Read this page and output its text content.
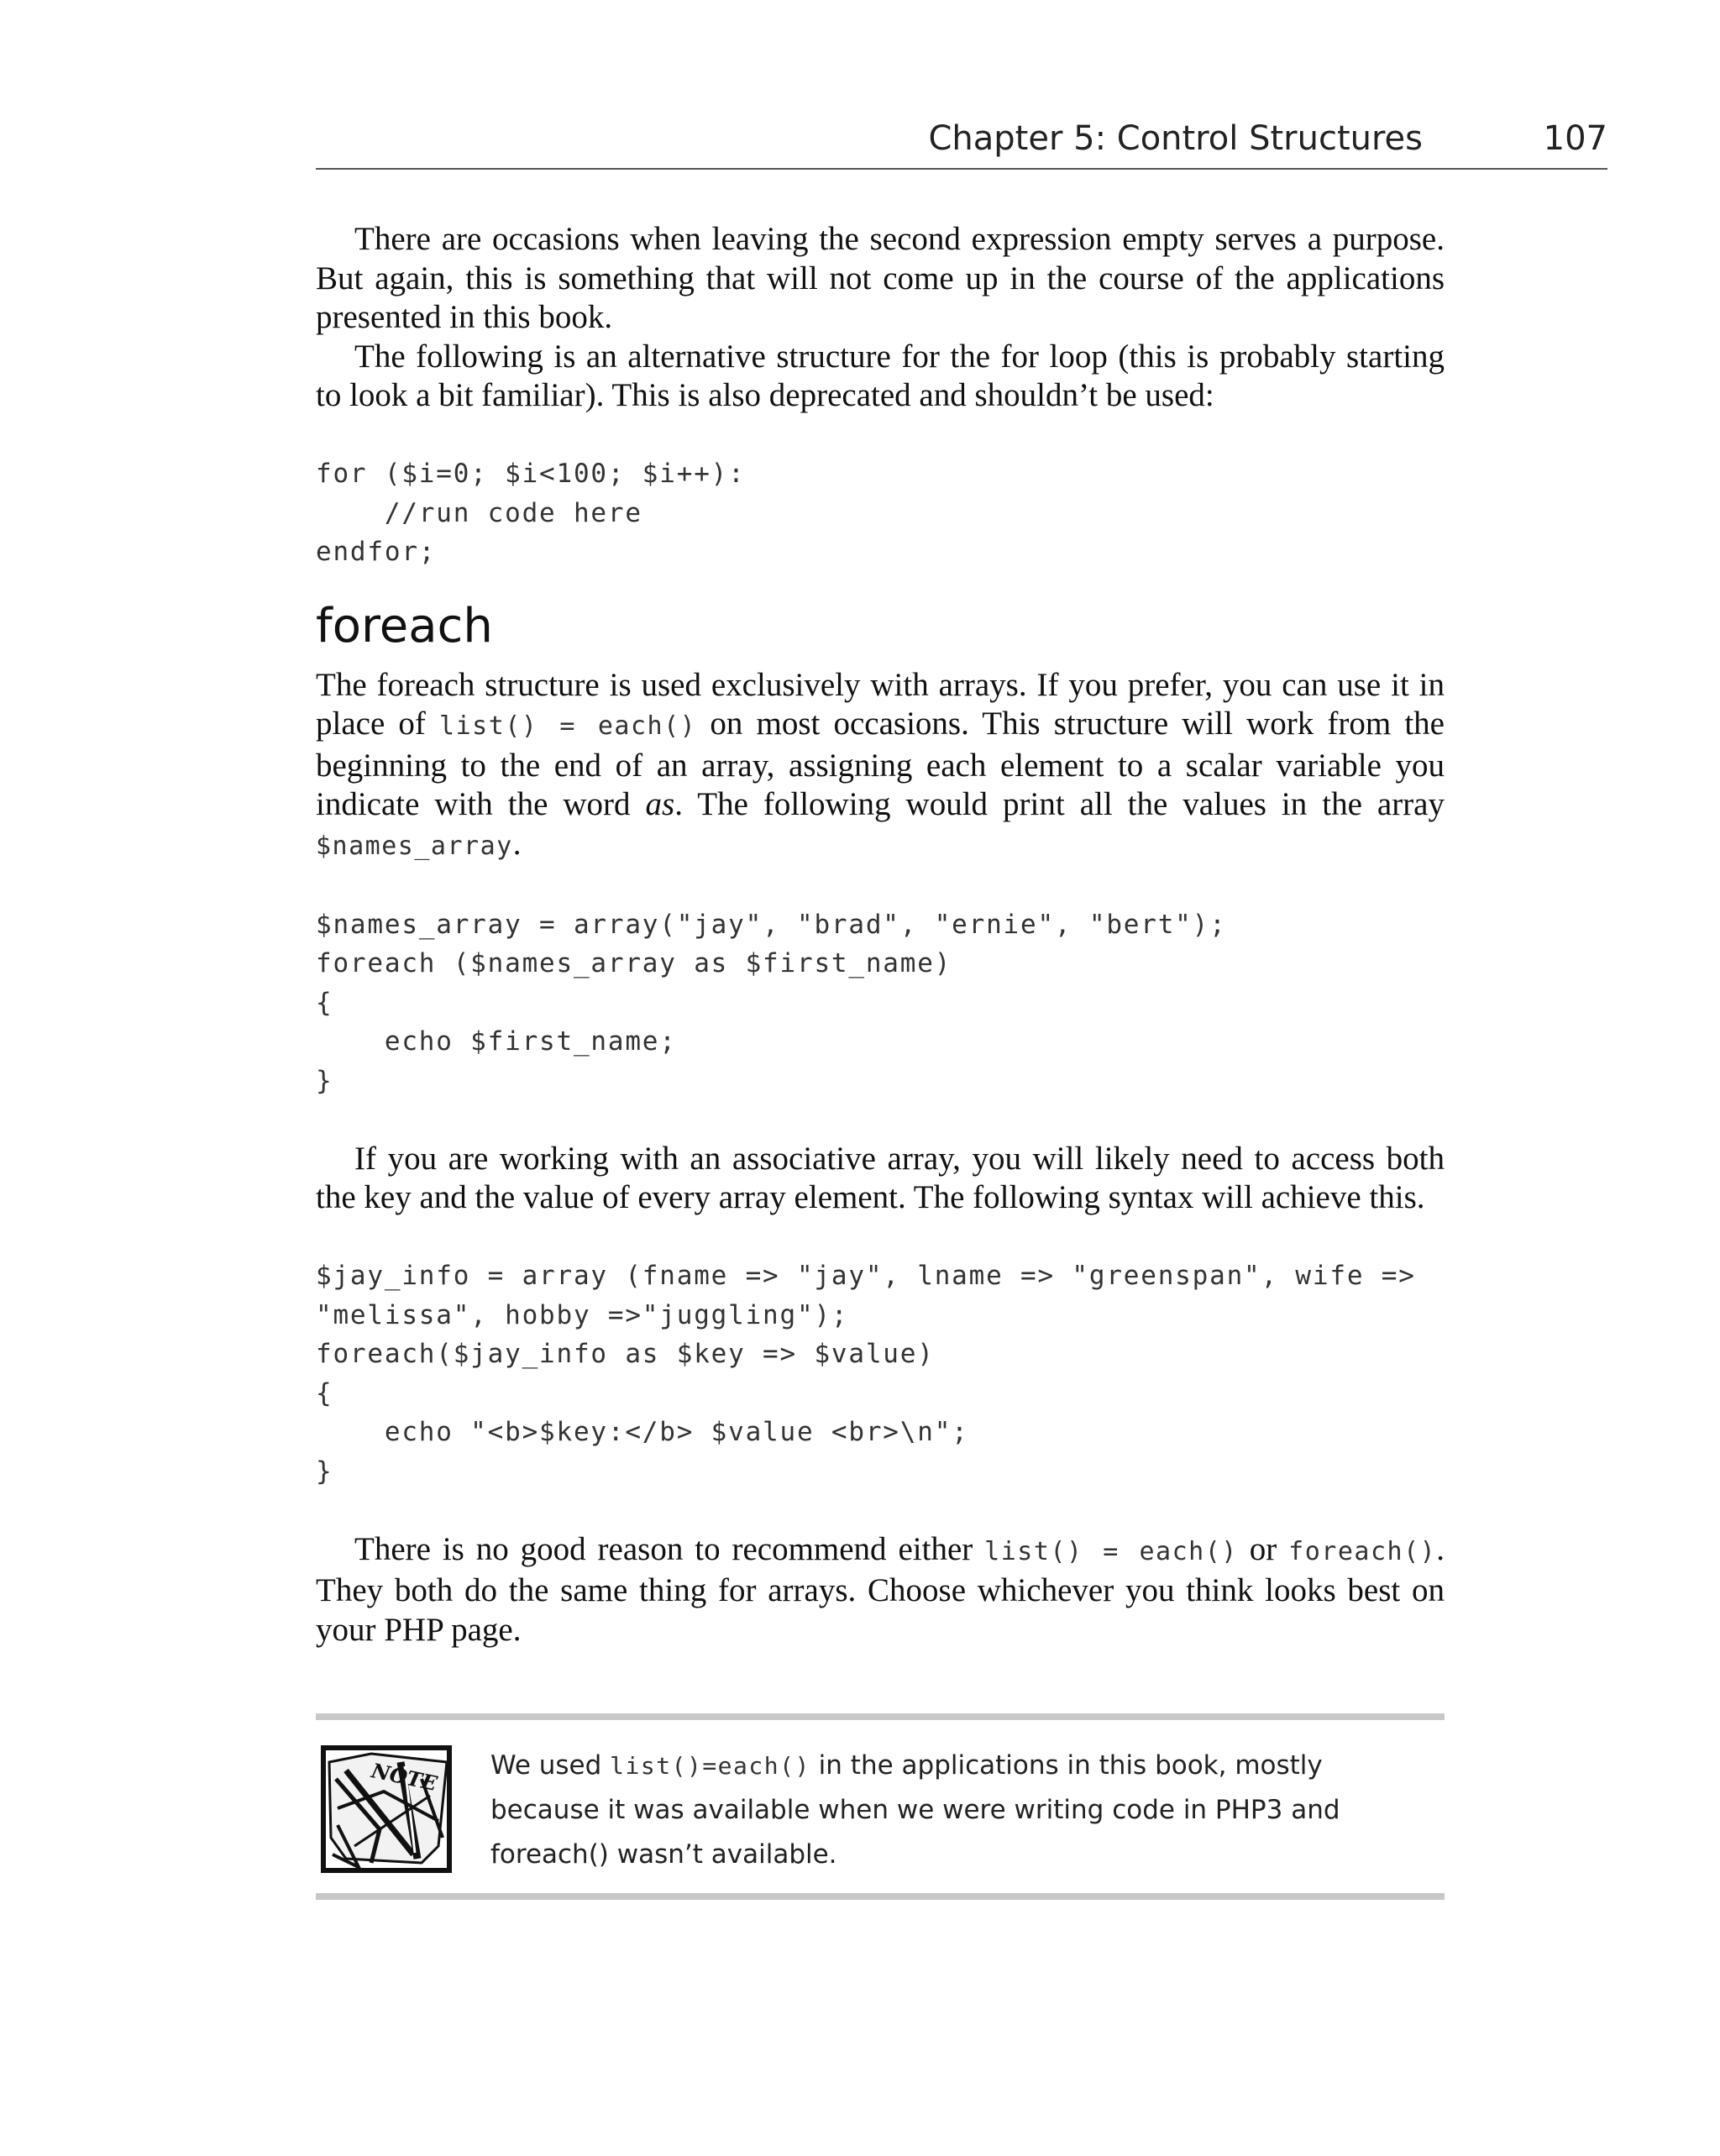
Chapter 5: Control Structures	107

There are occasions when leaving the second expression empty serves a purpose. But again, this is something that will not come up in the course of the applications presented in this book.

The following is an alternative structure for the for loop (this is probably starting to look a bit familiar). This is also deprecated and shouldn’t be used:

for ($i=0; $i<100; $i++):
//run code here
endfor;
foreach

The foreach structure is used exclusively with arrays. If you prefer, you can use it in place of list() = each() on most occasions. This structure will work from the beginning to the end of an array, assigning each element to a scalar variable you indicate with the word as. The following would print all the values in the array $names_array.

$names_array = array("jay", "brad", "ernie", "bert");
foreach ($names_array as $first_name)
{
echo $first_name;
}

If you are working with an associative array, you will likely need to access both the key and the value of every array element. The following syntax will achieve this.

$jay_info = array (fname => "jay", lname => "greenspan", wife =>
"melissa", hobby =>"juggling");
foreach($jay_info as $key => $value)
{
echo "<b>$key:</b> $value <br>\n";
}

There is no good reason to recommend either list() = each() or foreach(). They both do the same thing for arrays. Choose whichever you think looks best on your PHP page.

NOTE We used list()=each() in the applications in this book, mostly because it was available when we were writing code in PHP3 and foreach() wasn’t available.
